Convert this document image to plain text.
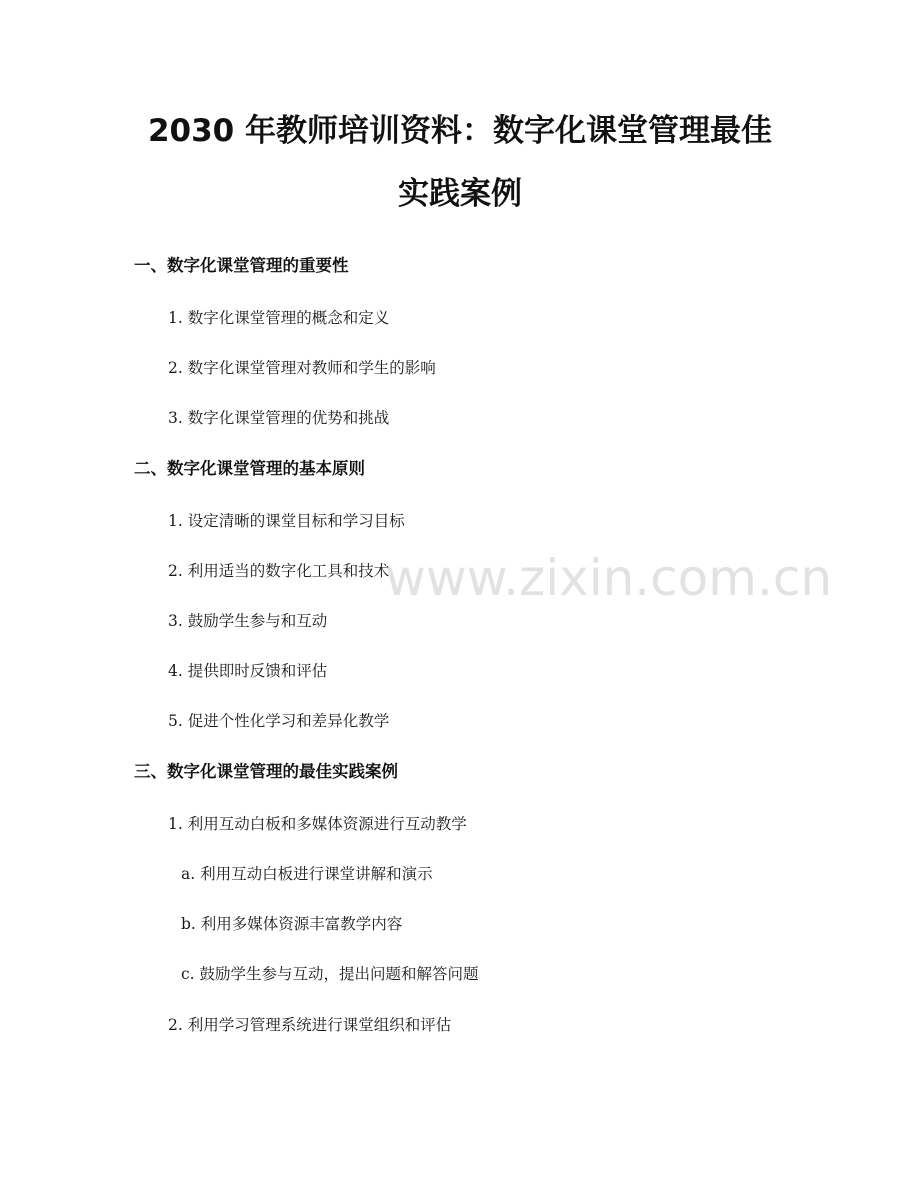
www.zixin.com.cn
2030 年教师培训资料：数字化课堂管理最佳
实践案例
一、数字化课堂管理的重要性
1. 数字化课堂管理的概念和定义
2. 数字化课堂管理对教师和学生的影响
3. 数字化课堂管理的优势和挑战
二、数字化课堂管理的基本原则
1. 设定清晰的课堂目标和学习目标
2. 利用适当的数字化工具和技术
3. 鼓励学生参与和互动
4. 提供即时反馈和评估
5. 促进个性化学习和差异化教学
三、数字化课堂管理的最佳实践案例
1. 利用互动白板和多媒体资源进行互动教学
a. 利用互动白板进行课堂讲解和演示
b. 利用多媒体资源丰富教学内容
c. 鼓励学生参与互动，提出问题和解答问题
2. 利用学习管理系统进行课堂组织和评估
